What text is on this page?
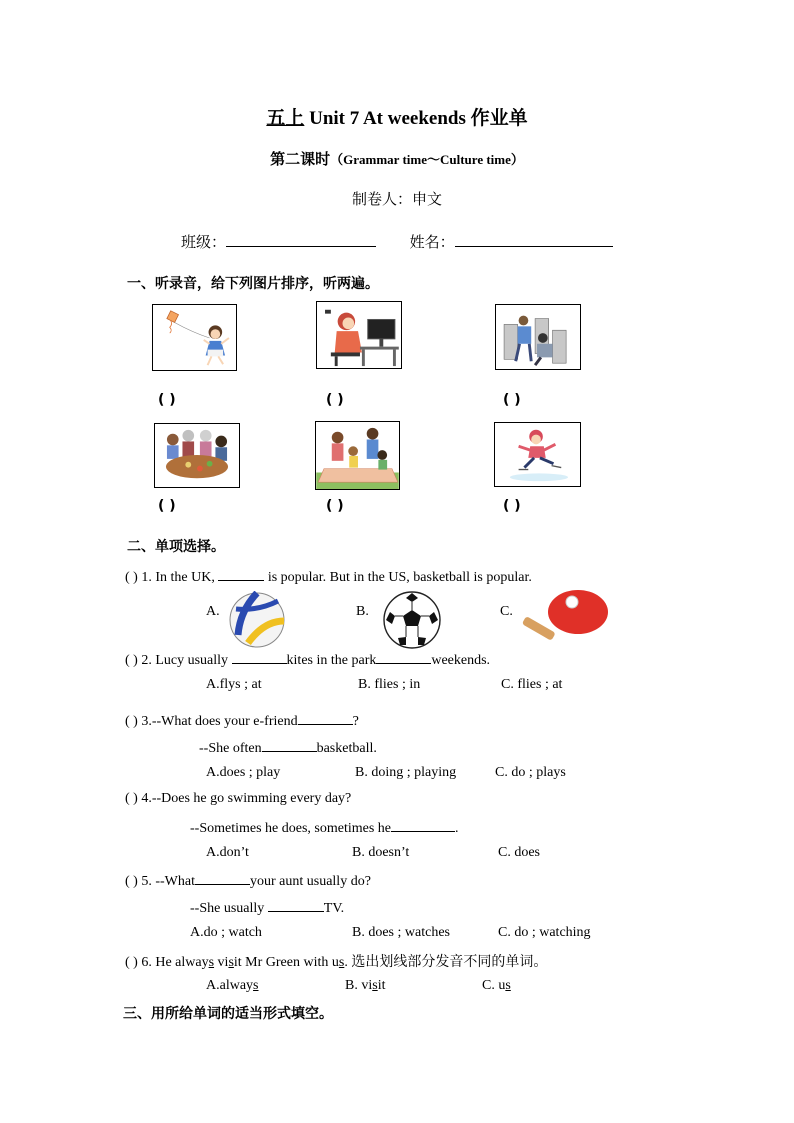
五上 Unit 7 At weekends 作业单
第二课时（Grammar time～Culture time）
制卷人：申文
班级：	姓名：
一、听录音，给下列图片排序，听两遍。
( )	( )	( )
( )	( )	( )
二、单项选择。
( ) 1. In the UK,	is popular. But in the US, basketball is popular.
A.	B.	C.
( ) 2. Lucy usually	kites in the park	weekends.
A.flys ; at	B. flies ; in	C. flies ; at
( ) 3.--What does your e-friend	?
--She often	basketball.
A.does ; play	B. doing ; playing	C. do ; plays
( ) 4.--Does he go swimming every day?
--Sometimes he does, sometimes he	.
A.don’t	B. doesn’t	C. does
( ) 5. --What	your aunt usually do?
--She usually	TV.
A.do ; watch	B. does ; watches	C. do ; watching
( ) 6. He always visit Mr Green with us. 选出划线部分发音不同的单词。
A.always	B. visit	C. us
三、用所给单词的适当形式填空。
